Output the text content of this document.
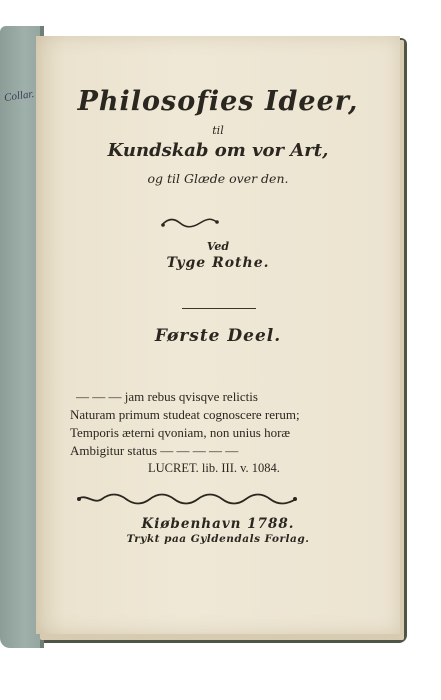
Collar.	Philosofies Ideer,
til
Kundskab om vor Art,
og til Glæde over den.
Ved
Tyge Rothe.
Første Deel.
— — — jam rebus qvisqve relictis
Naturam primum studeat cognoscere rerum;
Temporis æterni qvoniam, non unius horæ
Ambigitur status — — — — —
LUCRET. lib. III. v. 1084.
Kiøbenhavn 1788.
Trykt paa Gyldendals Forlag.
